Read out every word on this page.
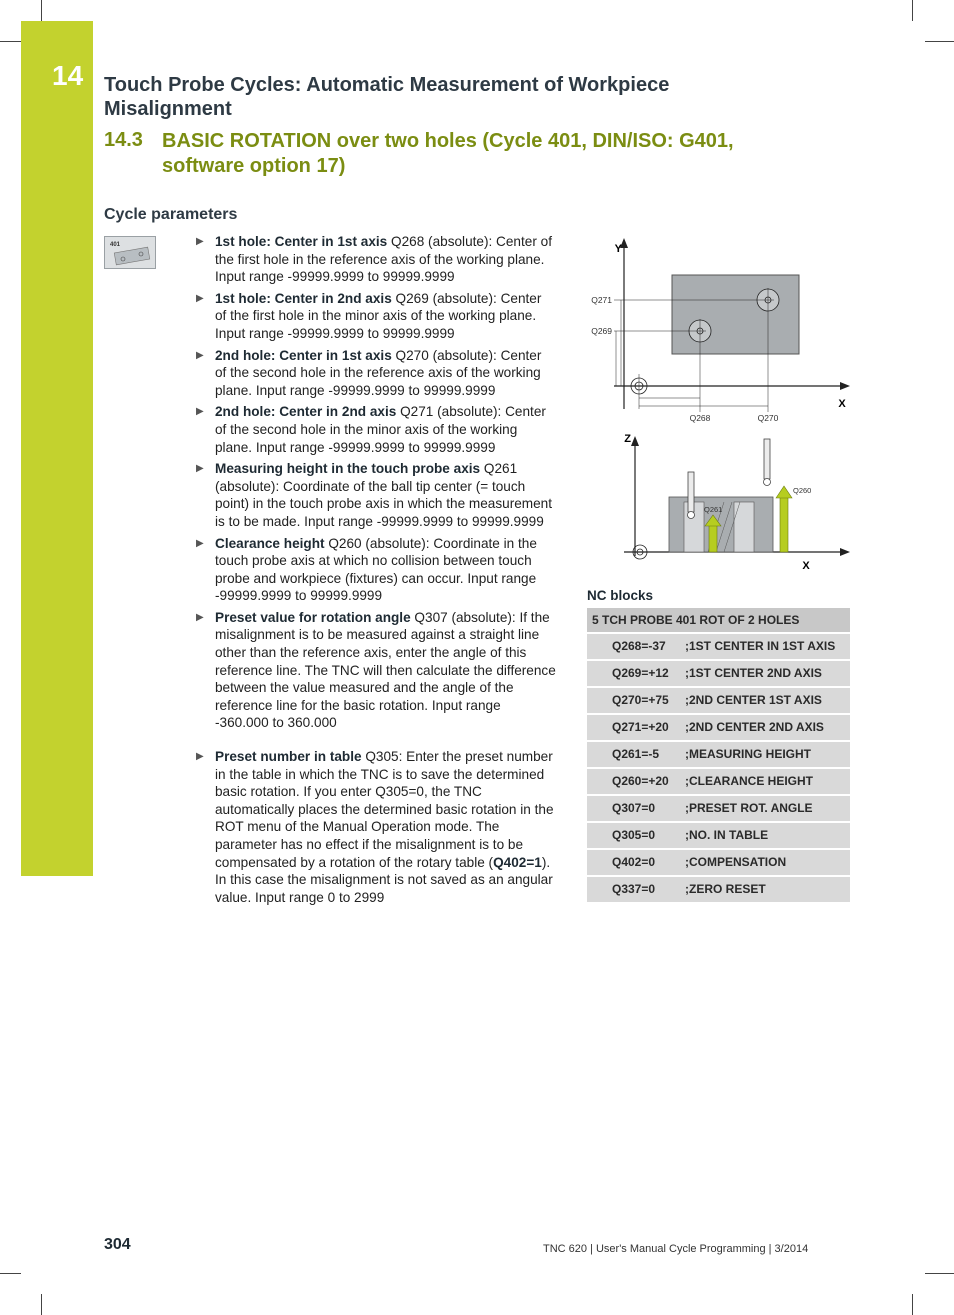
14 Touch Probe Cycles: Automatic Measurement of Workpiece Misalignment
14.3 BASIC ROTATION over two holes (Cycle 401, DIN/ISO: G401, software option 17)
Cycle parameters
401	▶ 1st hole: Center in 1st axis Q268 (absolute): Center of the first hole in the reference axis of the working plane. Input range -99999.9999 to 99999.9999
▶ 1st hole: Center in 2nd axis Q269 (absolute): Center of the first hole in the minor axis of the working plane. Input range -99999.9999 to 99999.9999
▶ 2nd hole: Center in 1st axis Q270 (absolute): Center of the second hole in the reference axis of the working plane. Input range -99999.9999 to 99999.9999
▶ 2nd hole: Center in 2nd axis Q271 (absolute): Center of the second hole in the minor axis of the working plane. Input range -99999.9999 to 99999.9999
▶ Measuring height in the touch probe axis Q261 (absolute): Coordinate of the ball tip center (= touch point) in the touch probe axis in which the measurement is to be made. Input range -99999.9999 to 99999.9999
▶ Clearance height Q260 (absolute): Coordinate in the touch probe axis at which no collision between touch probe and workpiece (fixtures) can occur. Input range -99999.9999 to 99999.9999
▶ Preset value for rotation angle Q307 (absolute): If the misalignment is to be measured against a straight line other than the reference axis, enter the angle of this reference line. The TNC will then calculate the difference between the value measured and the angle of the reference line for the basic rotation. Input range -360.000 to 360.000
▶ Preset number in table Q305: Enter the preset number in the table in which the TNC is to save the determined basic rotation. If you enter Q305=0, the TNC automatically places the determined basic rotation in the ROT menu of the Manual Operation mode. The parameter has no effect if the misalignment is to be compensated by a rotation of the rotary table (Q402=1). In this case the misalignment is not saved as an angular value. Input range 0 to 2999
Y
X
Q271
Q269
Q268	Q270
Z
X
Q261
Q260
NC blocks
5 TCH PROBE 401 ROT OF 2 HOLES
Q268=-37	;1ST CENTER IN 1ST AXIS
Q269=+12	;1ST CENTER 2ND AXIS
Q270=+75	;2ND CENTER 1ST AXIS
Q271=+20	;2ND CENTER 2ND AXIS
Q261=-5	;MEASURING HEIGHT
Q260=+20	;CLEARANCE HEIGHT
Q307=0	;PRESET ROT. ANGLE
Q305=0	;NO. IN TABLE
Q402=0	;COMPENSATION
Q337=0	;ZERO RESET
304	TNC 620 | User's Manual Cycle Programming | 3/2014
